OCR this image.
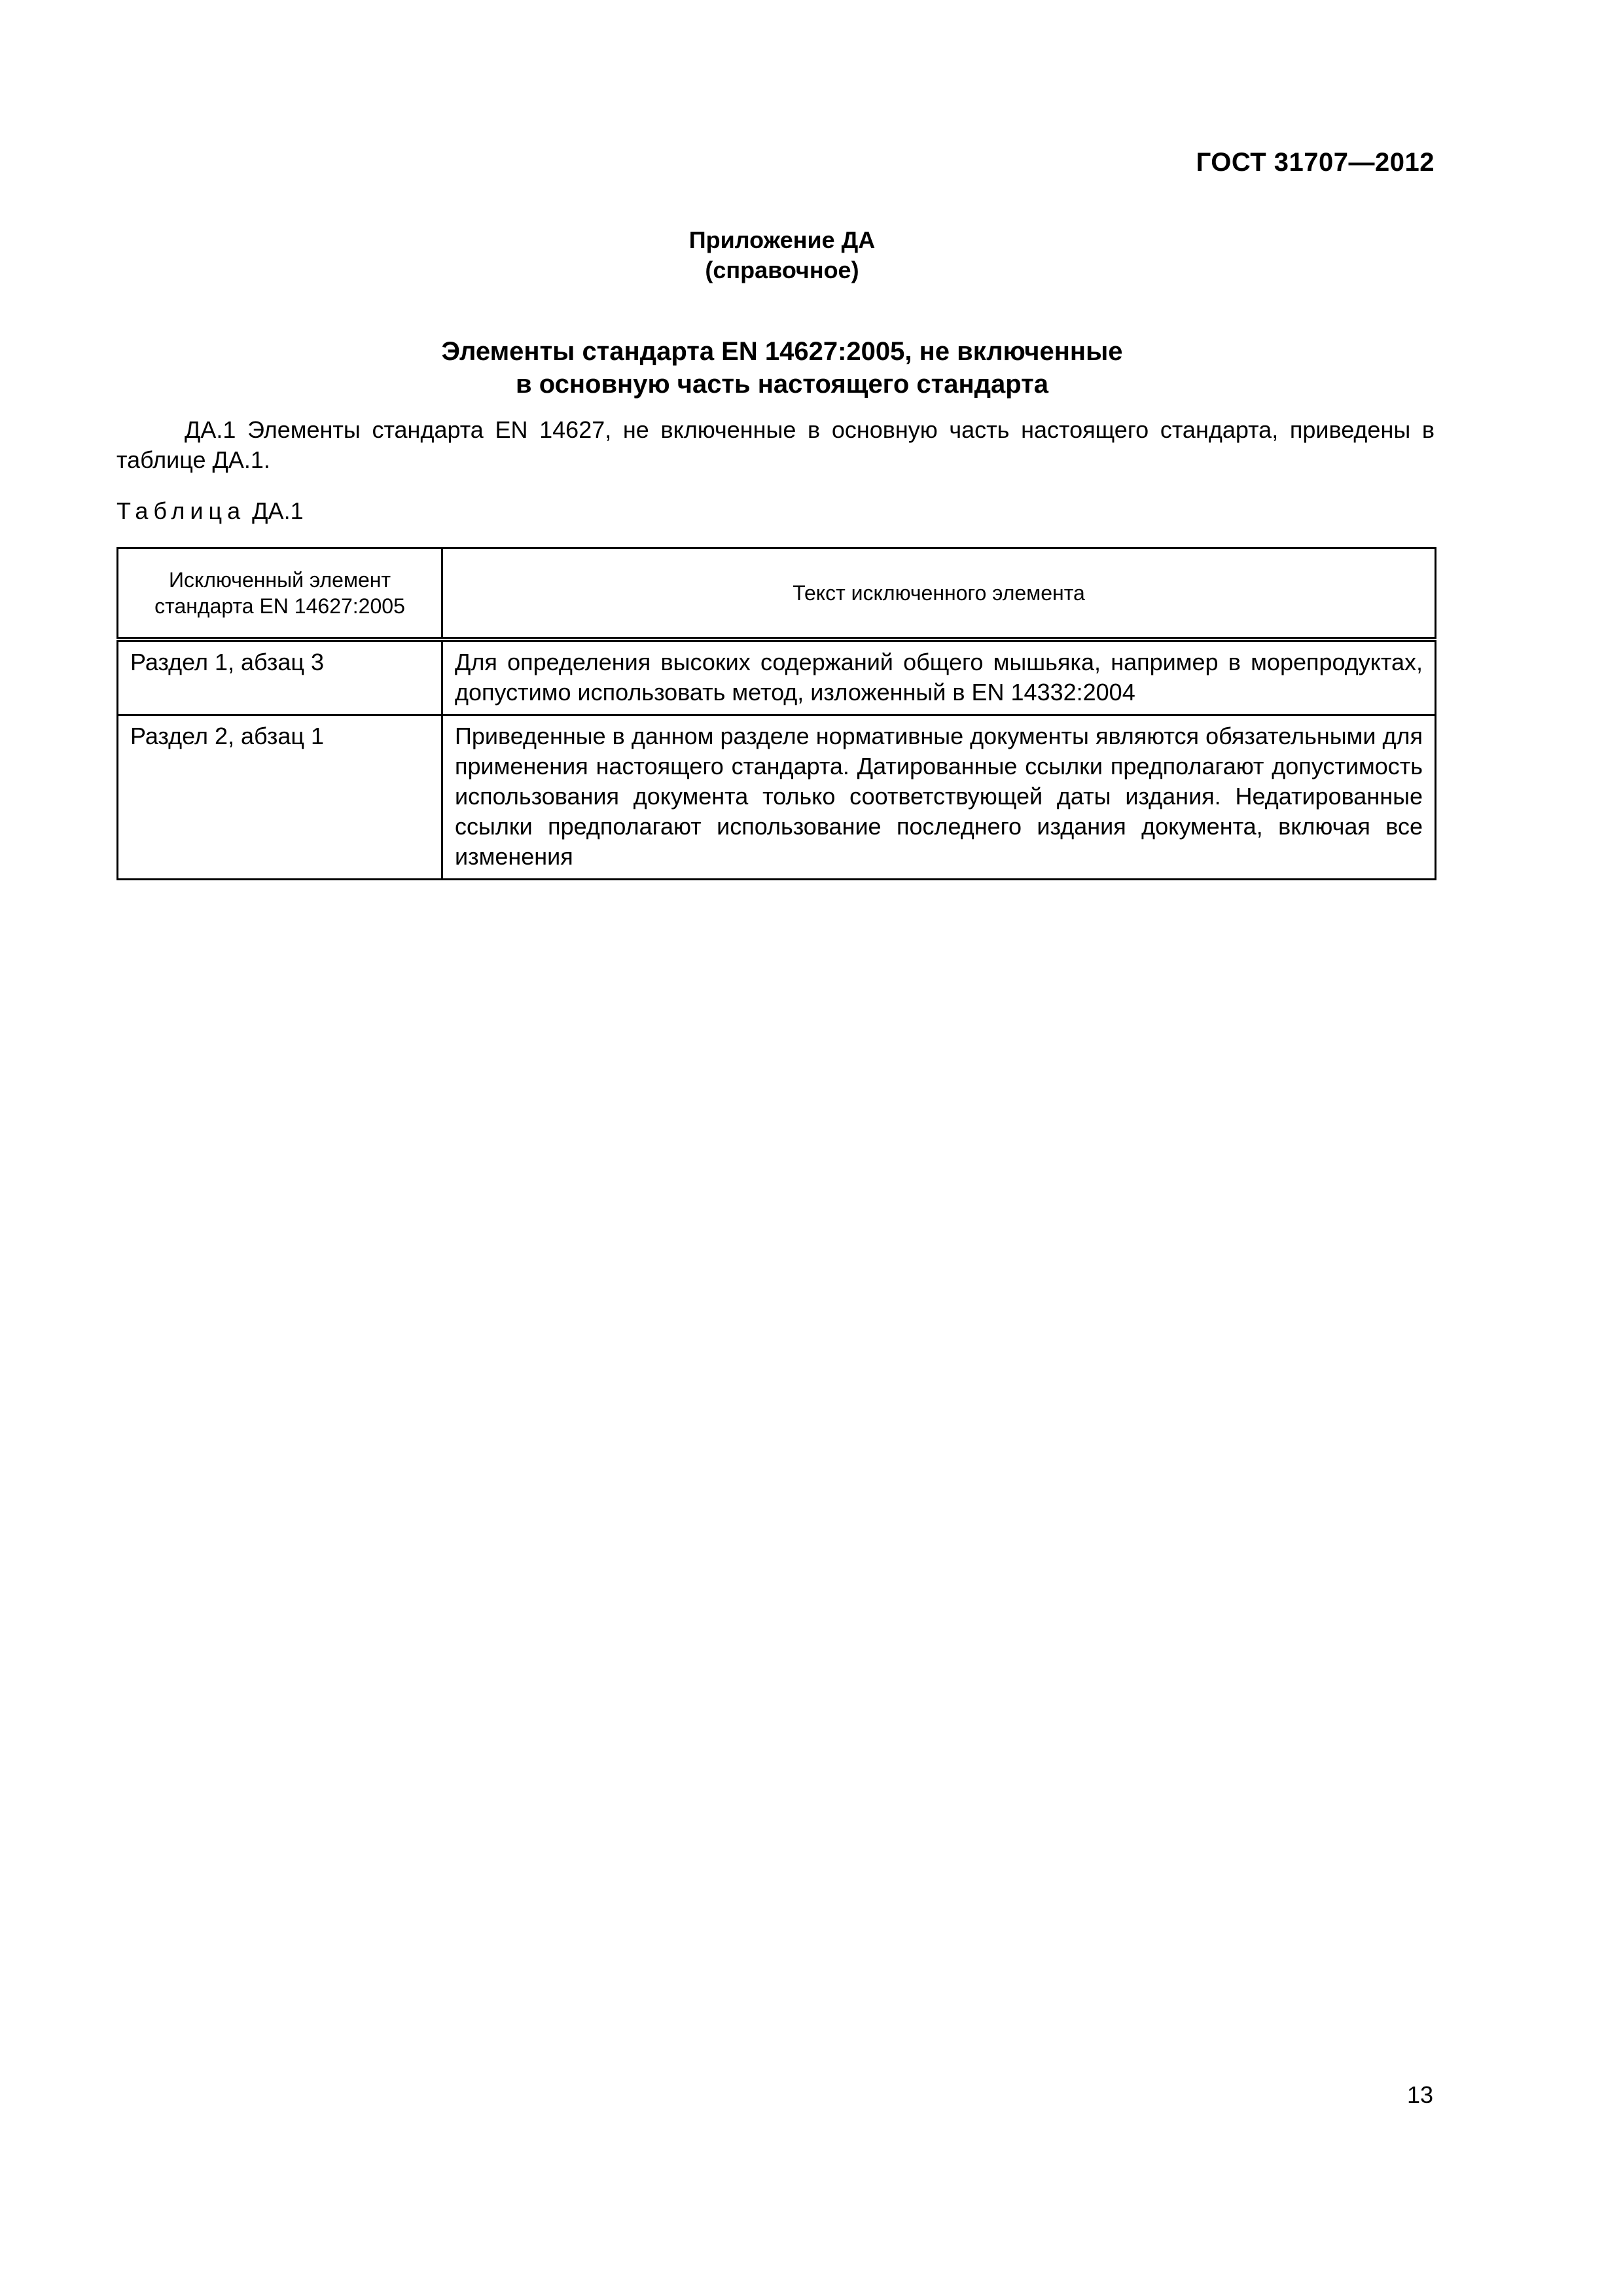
ГОСТ 31707—2012
Приложение ДА
(справочное)
Элементы стандарта EN 14627:2005, не включенные
в основную часть настоящего стандарта
ДА.1 Элементы стандарта EN 14627, не включенные в основную часть настоящего стандарта, приведены в таблице ДА.1.
Таблица ДА.1
Исключенный элемент
стандарта EN 14627:2005	Текст исключенного элемента
Раздел 1, абзац 3	Для определения высоких содержаний общего мышьяка, например в морепродуктах, допустимо использовать метод, изложенный в EN 14332:2004
Раздел 2, абзац 1	Приведенные в данном разделе нормативные документы являются обязательными для применения настоящего стандарта. Датированные ссылки предполагают допустимость использования документа только соответствующей даты издания. Недатированные ссылки предполагают использование последнего издания документа, включая все изменения
13
